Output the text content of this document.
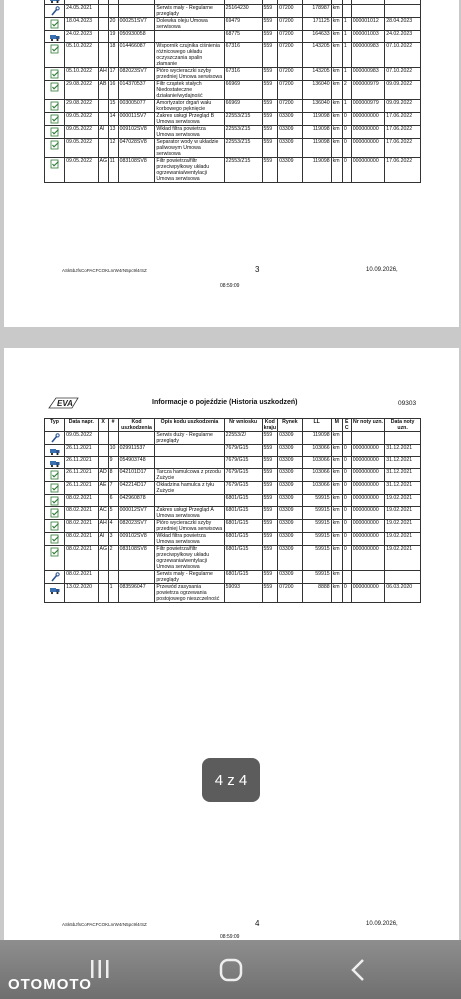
	24.05.2021				Serwis mały - Regularne przeglądy	25164230	559	07200	178987	km			

	18.04.2023		20	000251SV7	Dolewka oleju Umowa serwisowa	69479	559	07200	171125	km	1	000001012	28.04.2023

	24.02.2023		19	050930058		68775	559	07200	164633	km	1	000001003	24.02.2023

	05.10.2022		18	014466087	Wspornik czujnika ciśnienia różnicowego układu oczyszczania spalin złamanie	67316	559	07200	143205	km	1	000000983	07.10.2022

	05.10.2022	AH	17	082023SV7	Pióro wycieraczki szyby przedniej Umowa serwisowa	67316	559	07200	143205	km	1	000000983	07.10.2022

	29.08.2022	AB	16	014370537	Filtr cząstek stałych Niedostateczne działanie/wydajność	66969	559	07200	136040	km	2	000000979	09.09.2022

	29.08.2022		15	003005077	Amortyzator drgań wału korbowego pęknięcie	66969	559	07200	136040	km	1	000000979	09.09.2022

	09.05.2022		14	000011SV7	Zakres usługi Przegląd B Umowa serwisowa	22553/Z15	559	03309	119098	km	0	000000000	17.06.2022

	09.05.2022	AI	13	009102SV8	Wkład filtra powietrza Umowa serwisowa	22553/Z15	559	03309	119098	km	0	000000000	17.06.2022

	09.05.2022		12	047028SV8	Separator wody w układzie paliwowym Umowa serwisowa	22553/Z15	559	03309	119098	km	0	000000000	17.06.2022

	09.05.2022	AG	11	083108SV8	Filtr powietrza/filtr przeciwpyłkowy układu ogrzewania/wentylacji Umowa serwisowa	22553/Z15	559	03309	119098	km	0	000000000	17.06.2022
ASk5bJfsCoPACFCOKLnrW4rN5pc9l4rSZ	3	10.09.2026,
08:59:09
EVA	Informacje o pojeździe (Historia uszkodzeń)	09303
Typ	Data napr.	X	#	Kod uszkodzenia	Opis kodu uszkodzenia	Nr wniosku	Kod kraju	Rynek	LL	M	E C	Nr noty uzn.	Data noty uzn.

	09.05.2022				Serwis duży - Regularne przeglądy	22553/Z/	559	03309	119098	km			

	26.11.2021		10	029911537		7679/G15	559	03309	103066	km	0	000000000	31.12.2021

	26.11.2021		9	054903748		7679/G15	559	03309	103066	km	0	000000000	31.12.2021

	26.11.2021	AD	8	042101D17	Tarcza hamulcowa z przodu Zużycie	7679/G15	559	03309	103066	km	0	000000000	31.12.2021

	26.11.2021	AE	7	042214D17	Okładzina hamulca z tyłu Zużycie	7679/G15	559	03309	103066	km	0	000000000	31.12.2021

	08.02.2021		6	042960878		6801/G15	559	03309	59915	km	0	000000000	19.02.2021

	08.02.2021	AC	5	000012SV7	Zakres usługi Przegląd A Umowa serwisowa	6801/G15	559	03309	59915	km	0	000000000	19.02.2021

	08.02.2021	AH	4	082023SV7	Pióro wycieraczki szyby przedniej Umowa serwisowa	6801/G15	559	03309	59915	km	0	000000000	19.02.2021

	08.02.2021	AI	3	009102SV8	Wkład filtra powietrza Umowa serwisowa	6801/G15	559	03309	59915	km	0	000000000	19.02.2021

	08.02.2021	AG	2	083108SV8	Filtr powietrza/filtr przeciwpyłkowy układu ogrzewania/wentylacji Umowa serwisowa	6801/G15	559	03309	59915	km	0	000000000	19.02.2021

	08.02.2021				Serwis mały - Regularne przeglądy	6801/G15	559	03309	59915	km			

	13.02.2020		1	083596047	Przewód zasysania powietrza ogrzewania postojowego nieszczelność	59093	559	07200	8888	km	0	000000000	06.03.2020
ASk5bJfsCoPACFCOKLnrW4rN5pc9l4rSZ	4	10.09.2026,
08:59:09
4 z 4
OTOMOTO
